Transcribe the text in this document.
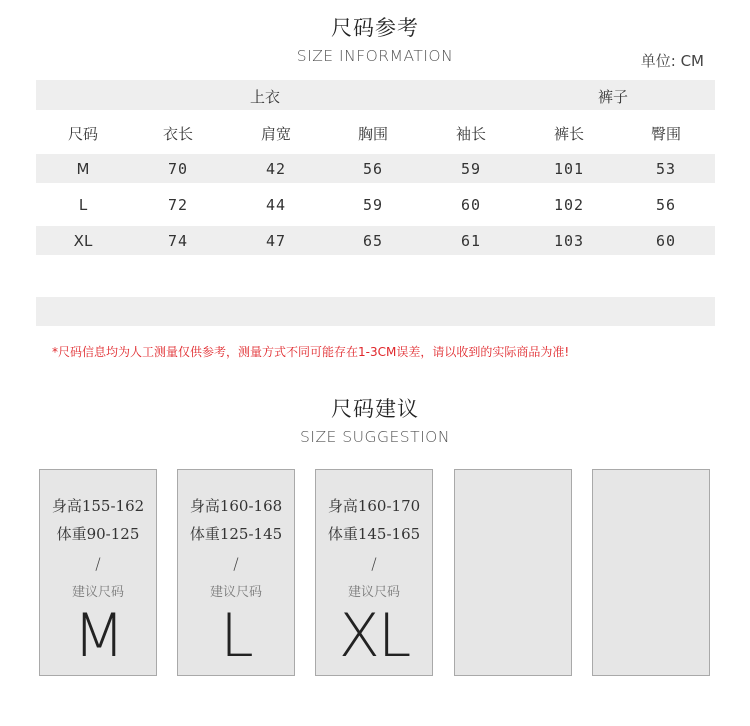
尺码参考
SIZE INFORMATION	单位: CM
上衣	裤子
尺码	衣长	肩宽	胸围	袖长	裤长	臀围
M	70	42	56	59	101	53
L	72	44	59	60	102	56
XL	74	47	65	61	103	60
*尺码信息均为人工测量仅供参考，测量方式不同可能存在1-3CM误差，请以收到的实际商品为准!
尺码建议
SIZE SUGGESTION
身高155-162
体重90-125
/
建议尺码
M
身高160-168
体重125-145
/
建议尺码
L
身高160-170
体重145-165
/
建议尺码
XL
